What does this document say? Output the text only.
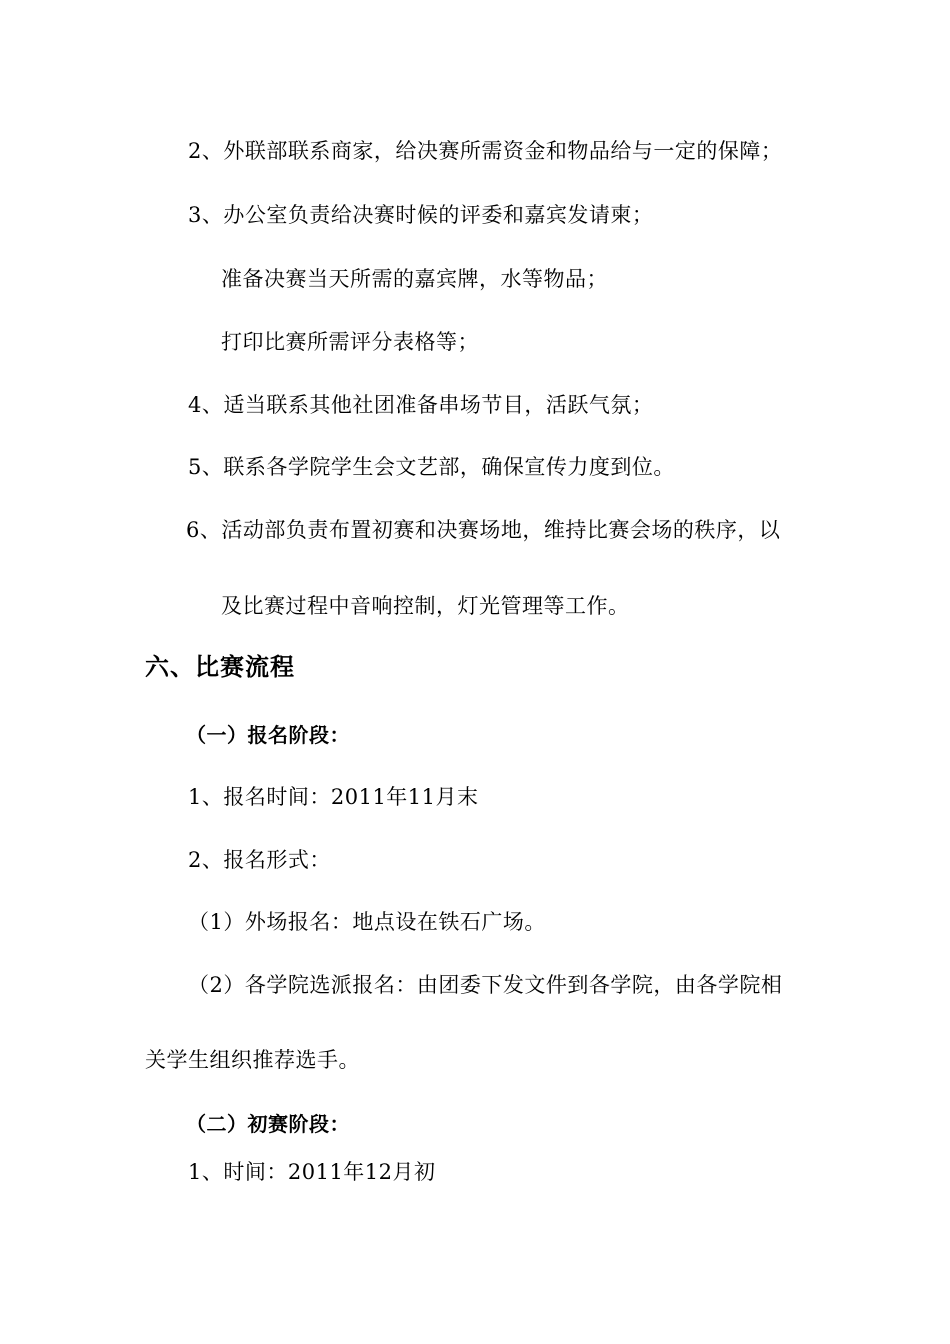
2、外联部联系商家，给决赛所需资金和物品给与一定的保障；
3、办公室负责给决赛时候的评委和嘉宾发请柬；
准备决赛当天所需的嘉宾牌，水等物品；
打印比赛所需评分表格等；
4、适当联系其他社团准备串场节目，活跃气氛；
5、联系各学院学生会文艺部，确保宣传力度到位。
6、活动部负责布置初赛和决赛场地，维持比赛会场的秩序，以
及比赛过程中音响控制，灯光管理等工作。
六、比赛流程
（一）报名阶段：
1、报名时间：2011年11月末
2、报名形式：
（1）外场报名：地点设在铁石广场。
（2）各学院选派报名：由团委下发文件到各学院，由各学院相
关学生组织推荐选手。
（二）初赛阶段：
1、时间：2011年12月初
